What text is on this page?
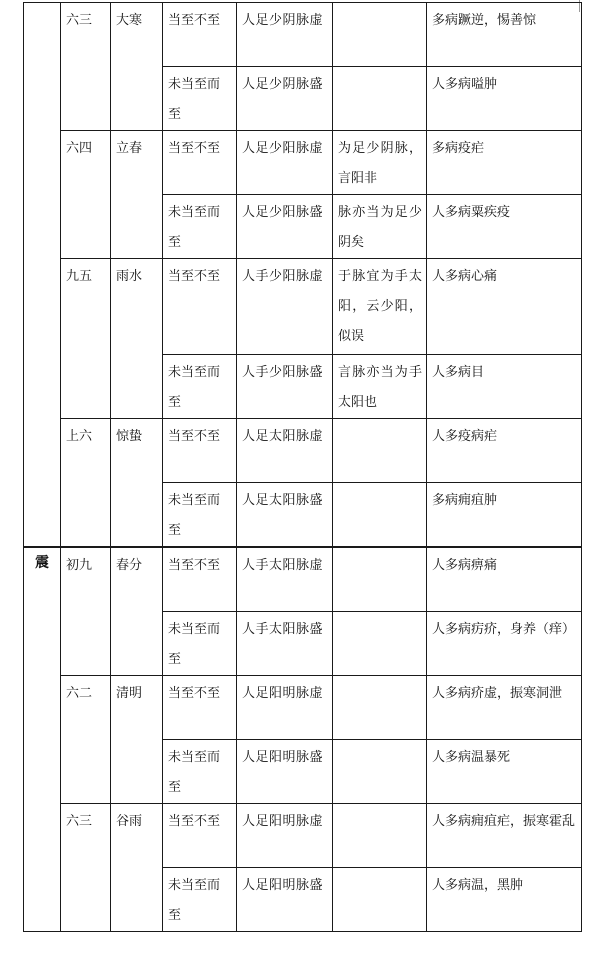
	六三	大寒	当至不至	人足少阴脉虚		多病蹶逆，惕善惊

			未当至而至	人足少阴脉盛		人多病嗌肿

	六四	立春	当至不至	人足少阳脉虚	为足少阴脉，言阳非	多病疫疟

			未当至而至	人足少阳脉盛	脉亦当为足少阴矣	人多病粟疾疫

	九五	雨水	当至不至	人手少阳脉虚	于脉宜为手太阳，云少阳，似误	人多病心痛

			未当至而至	人手少阳脉盛	言脉亦当为手太阳也	人多病目

	上六	惊蛰	当至不至	人足太阳脉虚		人多疫病疟

			未当至而至	人足太阳脉盛		多病痈疽肿

震	初九	春分	当至不至	人手太阳脉虚		人多病痹痛

			未当至而至	人手太阳脉盛		人多病疠疥，身养（痒）

	六二	清明	当至不至	人足阳明脉虚		人多病疥虚，振寒洞泄

			未当至而至	人足阳明脉盛		人多病温暴死

	六三	谷雨	当至不至	人足阳明脉虚		人多病痈疽疟，振寒霍乱

			未当至而至	人足阳明脉盛		人多病温，黑肿
